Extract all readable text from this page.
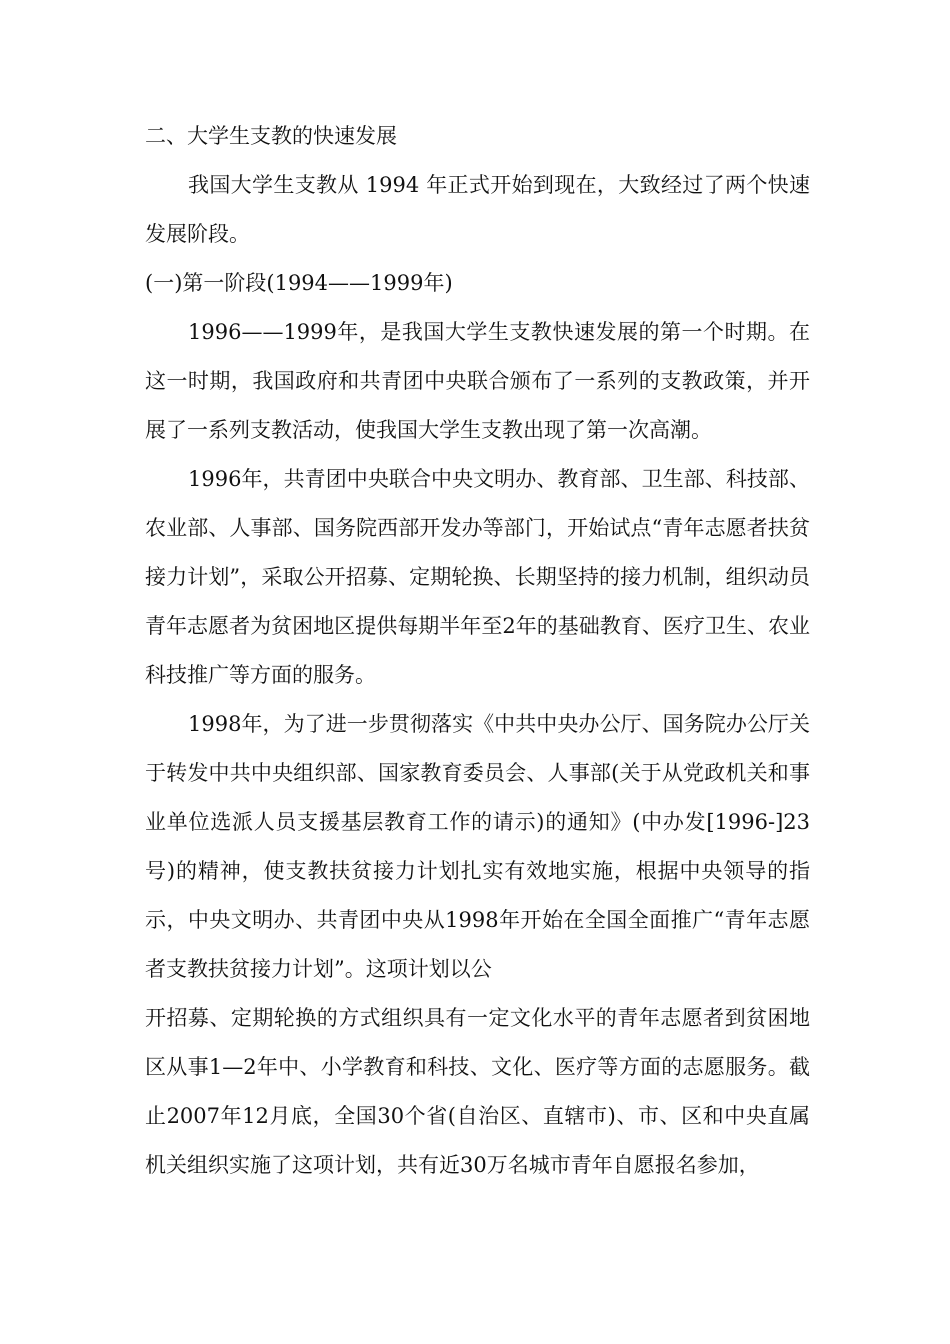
二、大学生支教的快速发展

我国大学生支教从 1994 年正式开始到现在，大致经过了两个快速发展阶段。

(一)第一阶段(1994——1999年)

1996——1999年，是我国大学生支教快速发展的第一个时期。在这一时期，我国政府和共青团中央联合颁布了一系列的支教政策，并开展了一系列支教活动，使我国大学生支教出现了第一次高潮。

1996年，共青团中央联合中央文明办、教育部、卫生部、科技部、农业部、人事部、国务院西部开发办等部门，开始试点“青年志愿者扶贫接力计划”，采取公开招募、定期轮换、长期坚持的接力机制，组织动员青年志愿者为贫困地区提供每期半年至2年的基础教育、医疗卫生、农业科技推广等方面的服务。

1998年，为了进一步贯彻落实《中共中央办公厅、国务院办公厅关于转发中共中央组织部、国家教育委员会、人事部(关于从党政机关和事业单位选派人员支援基层教育工作的请示)的通知》(中办发[1996-]23号)的精神，使支教扶贫接力计划扎实有效地实施，根据中央领导的指示，中央文明办、共青团中央从1998年开始在全国全面推广“青年志愿者支教扶贫接力计划”。这项计划以公

开招募、定期轮换的方式组织具有一定文化水平的青年志愿者到贫困地区从事1—2年中、小学教育和科技、文化、医疗等方面的志愿服务。截止2007年12月底，全国30个省(自治区、直辖市)、市、区和中央直属机关组织实施了这项计划，共有近30万名城市青年自愿报名参加，
